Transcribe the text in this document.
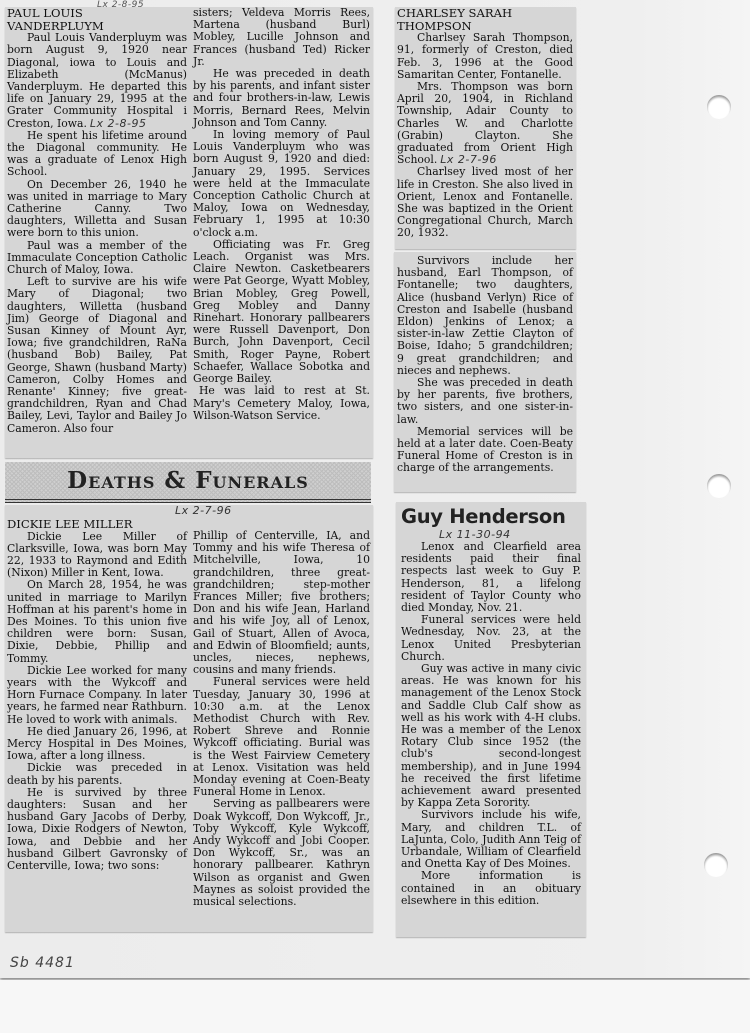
PAUL LOUIS

VANDERPLUYM

Paul Louis Vanderpluym was born August 9, 1920 near Diagonal, iowa to Louis and Elizabeth (McManus) Vanderpluym. He departed this life on January 29, 1995 at the Grater Community Hospital i Creston, Iowa. Lx 2-8-95

He spent his lifetime around the Diagonal community. He was a graduate of Lenox High School.

On December 26, 1940 he was united in marriage to Mary Catherine Canny. Two daughters, Willetta and Susan were born to this union.

Paul was a member of the Immaculate Conception Catholic Church of Maloy, Iowa.

Left to survive are his wife Mary of Diagonal; two daughters, Willetta (husband Jim) George of Diagonal and Susan Kinney of Mount Ayr, Iowa; five grandchildren, RaNa (husband Bob) Bailey, Pat George, Shawn (husband Marty) Cameron, Colby Homes and Renante' Kinney; five great-grandchildren, Ryan and Chad Bailey, Levi, Taylor and Bailey Jo Cameron. Also four

sisters; Veldeva Morris Rees, Martena (husband Burl) Mobley, Lucille Johnson and Frances (husband Ted) Ricker Jr.

He was preceded in death by his parents, and infant sister and four brothers-in-law, Lewis Morris, Bernard Rees, Melvin Johnson and Tom Canny.

In loving memory of Paul Louis Vanderpluym who was born August 9, 1920 and died: January 29, 1995. Services were held at the Immaculate Conception Catholic Church at Maloy, Iowa on Wednesday, February 1, 1995 at 10:30 o'clock a.m.

Officiating was Fr. Greg Leach. Organist was Mrs. Claire Newton. Casketbearers were Pat George, Wyatt Mobley, Brian Mobley, Greg Powell, Greg Mobley and Danny Rinehart. Honorary pallbearers were Russell Davenport, Don Burch, John Davenport, Cecil Smith, Roger Payne, Robert Schaefer, Wallace Sobotka and George Bailey.

He was laid to rest at St. Mary's Cemetery Maloy, Iowa, Wilson-Watson Service.

Lx 2-8-95

CHARLSEY SARAH

THOMPSON

Charlsey Sarah Thompson, 91, formerly of Creston, died Feb. 3, 1996 at the Good Samaritan Center, Fontanelle.

Mrs. Thompson was born April 20, 1904, in Richland Township, Adair County to Charles W. and Charlotte (Grabin) Clayton. She graduated from Orient High School. Lx 2-7-96

Charlsey lived most of her life in Creston. She also lived in Orient, Lenox and Fontanelle. She was baptized in the Orient Congregational Church, March 20, 1932.

Survivors include her husband, Earl Thompson, of Fontanelle; two daughters, Alice (husband Verlyn) Rice of Creston and Isabelle (husband Eldon) Jenkins of Lenox; a sister-in-law Zettie Clayton of Boise, Idaho; 5 grandchildren; 9 great grandchildren; and nieces and nephews.

She was preceded in death by her parents, five brothers, two sisters, and one sister-in-law.

Memorial services will be held at a later date. Coen-Beaty Funeral Home of Creston is in charge of the arrangements.

Deaths & Funerals
Lx 2-7-96

DICKIE LEE MILLER

Dickie Lee Miller of Clarksville, Iowa, was born May 22, 1933 to Raymond and Edith (Nixon) Miller in Kent, Iowa.

On March 28, 1954, he was united in marriage to Marilyn Hoffman at his parent's home in Des Moines. To this union five children were born: Susan, Dixie, Debbie, Phillip and Tommy.

Dickie Lee worked for many years with the Wykcoff and Horn Furnace Company. In later years, he farmed near Rathburn. He loved to work with animals.

He died January 26, 1996, at Mercy Hospital in Des Moines, Iowa, after a long illness.

Dickie was preceded in death by his parents.

He is survived by three daughters: Susan and her husband Gary Jacobs of Derby, Iowa, Dixie Rodgers of Newton, Iowa, and Debbie and her husband Gilbert Gavronsky of Centerville, Iowa; two sons:

Phillip of Centerville, IA, and Tommy and his wife Theresa of Mitchelville, Iowa, 10 grandchildren, three great-grandchildren; step-mother Frances Miller; five brothers; Don and his wife Jean, Harland and his wife Joy, all of Lenox, Gail of Stuart, Allen of Avoca, and Edwin of Bloomfield; aunts, uncles, nieces, nephews, cousins and many friends.

Funeral services were held Tuesday, January 30, 1996 at 10:30 a.m. at the Lenox Methodist Church with Rev. Robert Shreve and Ronnie Wykcoff officiating. Burial was is the West Fairview Cemetery at Lenox. Visitation was held Monday evening at Coen-Beaty Funeral Home in Lenox.

Serving as pallbearers were Doak Wykcoff, Don Wykcoff, Jr., Toby Wykcoff, Kyle Wykcoff, Andy Wykcoff and Jobi Cooper. Don Wykcoff, Sr., was an honorary pallbearer. Kathryn Wilson as organist and Gwen Maynes as soloist provided the musical selections.

Guy Henderson

Lx 11-30-94

Lenox and Clearfield area residents paid their final respects last week to Guy P. Henderson, 81, a lifelong resident of Taylor County who died Monday, Nov. 21.

Funeral services were held Wednesday, Nov. 23, at the Lenox United Presbyterian Church.

Guy was active in many civic areas. He was known for his management of the Lenox Stock and Saddle Club Calf show as well as his work with 4-H clubs. He was a member of the Lenox Rotary Club since 1952 (the club's second-longest membership), and in June 1994 he received the first lifetime achievement award presented by Kappa Zeta Sorority.

Survivors include his wife, Mary, and children T.L. of LaJunta, Colo, Judith Ann Teig of Urbandale, William of Clearfield and Onetta Kay of Des Moines.

More information is contained in an obituary elsewhere in this edition.

Sb 4481
